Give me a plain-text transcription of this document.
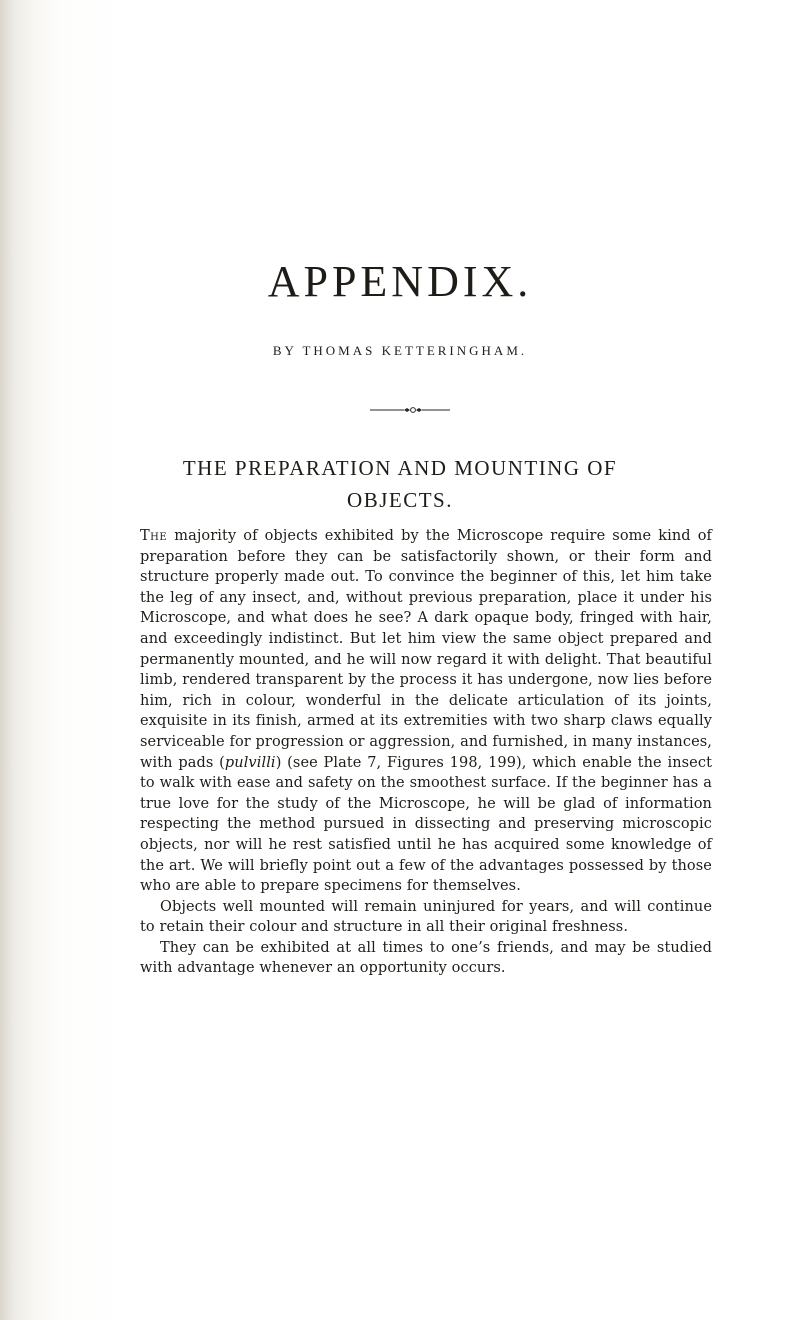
APPENDIX.
BY THOMAS KETTERINGHAM.
THE PREPARATION AND MOUNTING OF
OBJECTS.

The majority of objects exhibited by the Microscope require some kind of preparation before they can be satisfactorily shown, or their form and structure properly made out. To convince the beginner of this, let him take the leg of any insect, and, without previous preparation, place it under his Microscope, and what does he see? A dark opaque body, fringed with hair, and exceedingly indistinct. But let him view the same object prepared and permanently mounted, and he will now regard it with delight. That beautiful limb, rendered transparent by the process it has undergone, now lies before him, rich in colour, wonderful in the delicate articulation of its joints, exquisite in its finish, armed at its extremities with two sharp claws equally serviceable for progression or aggression, and furnished, in many instances, with pads (pulvilli) (see Plate 7, Figures 198, 199), which enable the insect to walk with ease and safety on the smoothest surface. If the beginner has a true love for the study of the Microscope, he will be glad of information respecting the method pursued in dissecting and preserving microscopic objects, nor will he rest satisfied until he has acquired some knowledge of the art. We will briefly point out a few of the advantages possessed by those who are able to prepare specimens for themselves.

Objects well mounted will remain uninjured for years, and will continue to retain their colour and structure in all their original freshness.

They can be exhibited at all times to one’s friends, and may be studied with advantage whenever an opportunity occurs.
